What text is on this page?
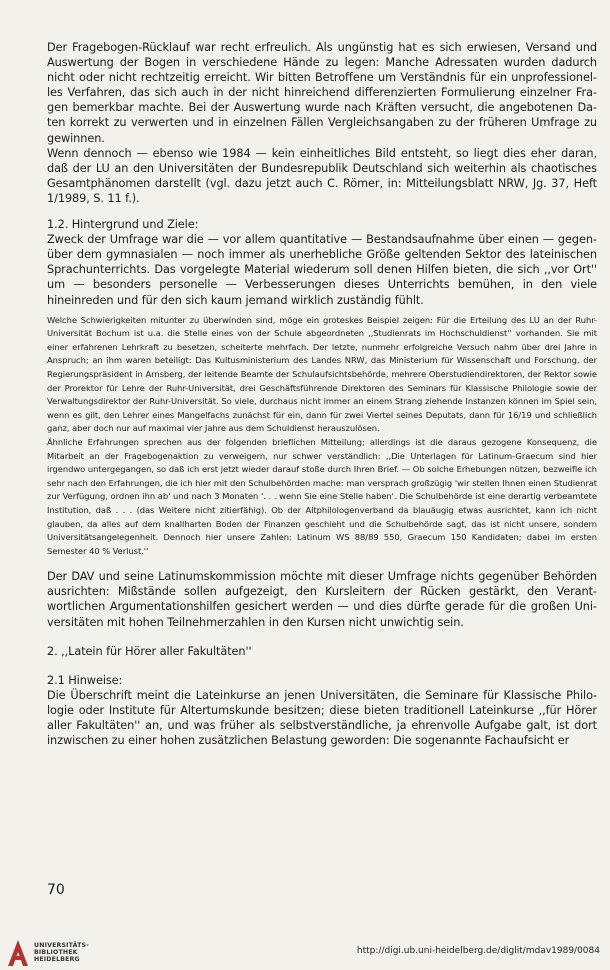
Der Fragebogen-Rücklauf war recht erfreulich. Als ungünstig hat es sich erwiesen, Versand und Auswertung der Bogen in verschiedene Hände zu legen: Manche Adressaten wurden dadurch nicht oder nicht rechtzeitig erreicht. Wir bitten Betroffene um Verständnis für ein unprofessionelles Verfahren, das sich auch in der nicht hinreichend differenzierten Formulierung einzelner Fragen bemerkbar machte. Bei der Auswertung wurde nach Kräften versucht, die angebotenen Daten korrekt zu verwerten und in einzelnen Fällen Vergleichsangaben zu der früheren Umfrage zu gewinnen.

Wenn dennoch — ebenso wie 1984 — kein einheitliches Bild entsteht, so liegt dies eher daran, daß der LU an den Universitäten der Bundesrepublik Deutschland sich weiterhin als chaotisches Gesamtphänomen darstellt (vgl. dazu jetzt auch C. Römer, in: Mitteilungsblatt NRW, Jg. 37, Heft 1/1989, S. 11 f.).

1.2. Hintergrund und Ziele:

Zweck der Umfrage war die — vor allem quantitative — Bestandsaufnahme über einen — gegenüber dem gymnasialen — noch immer als unerhebliche Größe geltenden Sektor des lateinischen Sprachunterrichts. Das vorgelegte Material wiederum soll denen Hilfen bieten, die sich ,,vor Ort'' um — besonders personelle — Verbesserungen dieses Unterrichts bemühen, in den viele hineinreden und für den sich kaum jemand wirklich zuständig fühlt.

Welche Schwierigkeiten mitunter zu überwinden sind, möge ein groteskes Beispiel zeigen: Für die Erteilung des LU an der Ruhr-Universität Bochum ist u.a. die Stelle eines von der Schule abgeordneten ,,Studienrats im Hochschuldienst'' vorhanden. Sie mit einer erfahrenen Lehrkraft zu besetzen, scheiterte mehrfach. Der letzte, nunmehr erfolgreiche Versuch nahm über drei Jahre in Anspruch; an ihm waren beteiligt: Das Kultusministerium des Landes NRW, das Ministerium für Wissenschaft und Forschung, der Regierungspräsident in Arnsberg, der leitende Beamte der Schulaufsichtsbehörde, mehrere Oberstudiendirektoren, der Rektor sowie der Prorektor für Lehre der Ruhr-Universität, drei Geschäftsführende Direktoren des Seminars für Klassische Philologie sowie der Verwaltungsdirektor der Ruhr-Universität. So viele, durchaus nicht immer an einem Strang ziehende Instanzen können im Spiel sein, wenn es gilt, den Lehrer eines Mangelfachs zunächst für ein, dann für zwei Viertel seines Deputats, dann für 16/19 und schließlich ganz, aber doch nur auf maximal vier Jahre aus dem Schuldienst herauszulösen.

Ähnliche Erfahrungen sprechen aus der folgenden brieflichen Mitteilung; allerdings ist die daraus gezogene Konsequenz, die Mitarbeit an der Fragebogenaktion zu verweigern, nur schwer verständlich: ,,Die Unterlagen für Latinum-Graecum sind hier irgendwo untergegangen, so daß ich erst jetzt wieder darauf stoße durch Ihren Brief. — Ob solche Erhebungen nützen, bezweifle ich sehr nach den Erfahrungen, die ich hier mit den Schulbehörden mache: man versprach großzügig 'wir stellen Ihnen einen Studienrat zur Verfügung, ordnen ihn ab' und nach 3 Monaten '. . . wenn Sie eine Stelle haben'. Die Schulbehörde ist eine derartig verbeamtete Institution, daß . . . (das Weitere nicht zitierfähig). Ob der Altphilologenverband da blauäugig etwas ausrichtet, kann ich nicht glauben, da alles auf dem knallharten Boden der Finanzen geschieht und die Schulbehörde sagt, das ist nicht unsere, sondern Universitätsangelegenheit. Dennoch hier unsere Zahlen: Latinum WS 88/89 550, Graecum 150 Kandidaten; dabei im ersten Semester 40 % Verlust.''

Der DAV und seine Latinumskommission möchte mit dieser Umfrage nichts gegenüber Behörden ausrichten: Mißstände sollen aufgezeigt, den Kursleitern der Rücken gestärkt, den Verantwortlichen Argumentationshilfen gesichert werden — und dies dürfte gerade für die großen Universitäten mit hohen Teilnehmerzahlen in den Kursen nicht unwichtig sein.

2. ,,Latein für Hörer aller Fakultäten''

2.1 Hinweise:

Die Überschrift meint die Lateinkurse an jenen Universitäten, die Seminare für Klassische Philologie oder Institute für Altertumskunde besitzen; diese bieten traditionell Lateinkurse ,,für Hörer aller Fakultäten'' an, und was früher als selbstverständliche, ja ehrenvolle Aufgabe galt, ist dort inzwischen zu einer hohen zusätzlichen Belastung geworden: Die sogenannte Fachaufsicht er

70
UNIVERSITÄTS-
BIBLIOTHEK
HEIDELBERG
http://digi.ub.uni-heidelberg.de/diglit/mdav1989/0084
